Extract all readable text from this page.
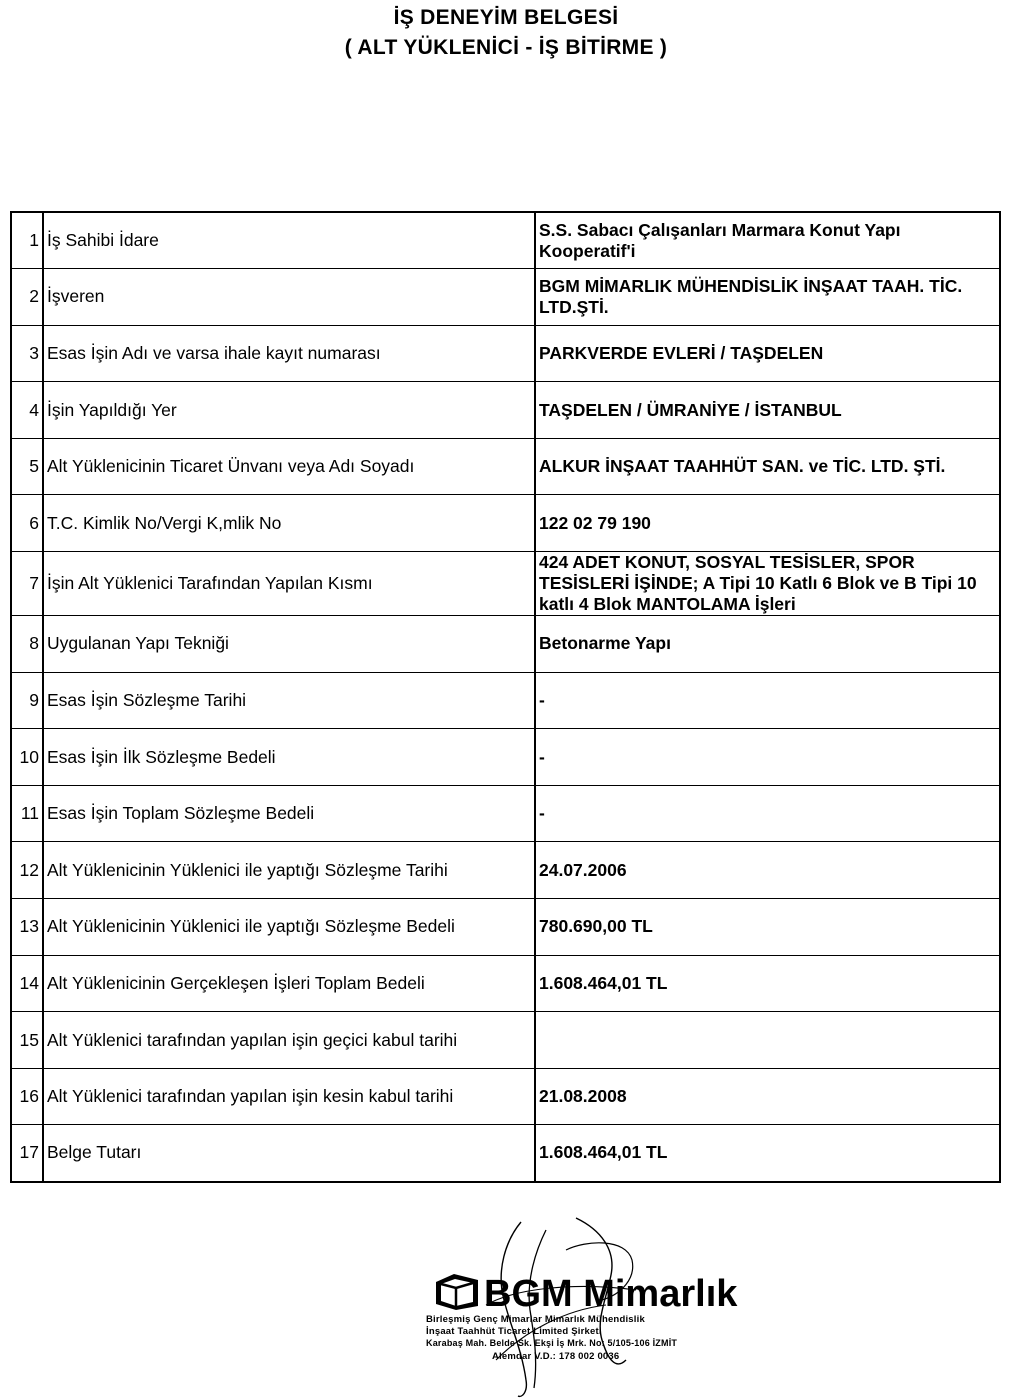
İŞ DENEYİM BELGESİ
( ALT YÜKLENİCİ - İŞ BİTİRME )
1	İş Sahibi İdare	S.S. Sabacı Çalışanları Marmara Konut Yapı Kooperatif'i
2	İşveren	BGM MİMARLIK MÜHENDİSLİK İNŞAAT TAAH. TİC. LTD.ŞTİ.
3	Esas İşin Adı ve varsa ihale kayıt numarası	PARKVERDE EVLERİ / TAŞDELEN
4	İşin Yapıldığı Yer	TAŞDELEN / ÜMRANİYE / İSTANBUL
5	Alt Yüklenicinin Ticaret Ünvanı veya Adı Soyadı	ALKUR İNŞAAT TAAHHÜT SAN. ve TİC. LTD. ŞTİ.
6	T.C. Kimlik No/Vergi K,mlik No	122 02 79 190
7	İşin Alt Yüklenici Tarafından Yapılan Kısmı	424 ADET KONUT, SOSYAL TESİSLER, SPOR TESİSLERİ İŞİNDE; A Tipi 10 Katlı 6 Blok ve B Tipi 10 katlı 4 Blok MANTOLAMA İşleri
8	Uygulanan Yapı Tekniği	Betonarme Yapı
9	Esas İşin Sözleşme Tarihi	-
10	Esas İşin İlk Sözleşme Bedeli	-
11	Esas İşin Toplam Sözleşme Bedeli	-
12	Alt Yüklenicinin Yüklenici ile yaptığı Sözleşme Tarihi	24.07.2006
13	Alt Yüklenicinin Yüklenici ile yaptığı Sözleşme Bedeli	780.690,00 TL
14	Alt Yüklenicinin Gerçekleşen İşleri Toplam Bedeli	1.608.464,01 TL
15	Alt Yüklenici tarafından yapılan işin geçici kabul tarihi	
16	Alt Yüklenici tarafından yapılan işin kesin kabul tarihi	21.08.2008
17	Belge Tutarı	1.608.464,01 TL
BGM Mimarlık
Birleşmiş Genç Mimarlar Mimarlık Mühendislik
İnşaat Taahhüt Ticaret Limited Şirketi
Karabaş Mah. Belde Sk. Ekşi İş Mrk. No: 5/105-106 İZMİT
Alemdar V.D.: 178 002 0036
